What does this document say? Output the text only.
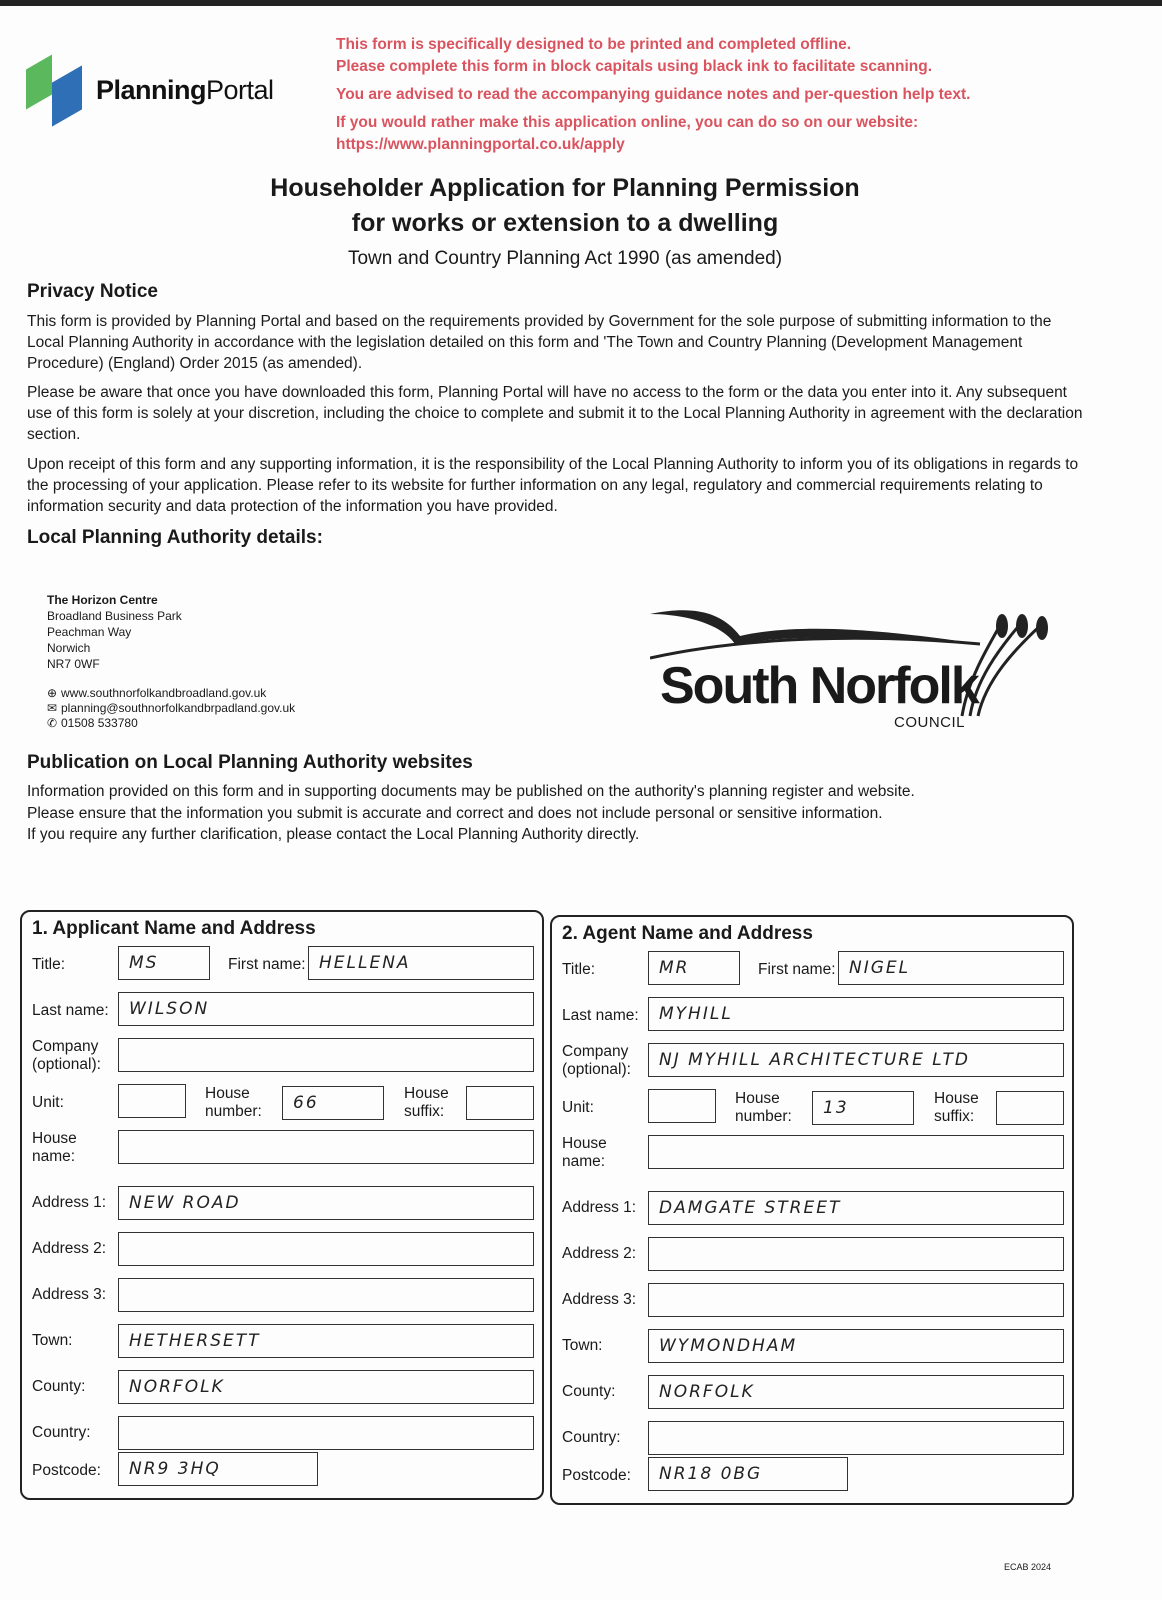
PlanningPortal

This form is specifically designed to be printed and completed offline.

Please complete this form in block capitals using black ink to facilitate scanning.

You are advised to read the accompanying guidance notes and per-question help text.

If you would rather make this application online, you can do so on our website:

https://www.planningportal.co.uk/apply

Householder Application for Planning Permission
for works or extension to a dwelling
Town and Country Planning Act 1990 (as amended)
Privacy Notice

This form is provided by Planning Portal and based on the requirements provided by Government for the sole purpose of submitting information to the Local Planning Authority in accordance with the legislation detailed on this form and 'The Town and Country Planning (Development Management Procedure) (England) Order 2015 (as amended).

Please be aware that once you have downloaded this form, Planning Portal will have no access to the form or the data you enter into it. Any subsequent use of this form is solely at your discretion, including the choice to complete and submit it to the Local Planning Authority in agreement with the declaration section.

Upon receipt of this form and any supporting information, it is the responsibility of the Local Planning Authority to inform you of its obligations in regards to the processing of your application. Please refer to its website for further information on any legal, regulatory and commercial requirements relating to information security and data protection of the information you have provided.

Local Planning Authority details:
The Horizon Centre
Broadland Business Park
Peachman Way
Norwich
NR7 0WF
⊕ www.southnorfolkandbroadland.gov.uk
✉ planning@southnorfolkandbrpadland.gov.uk
✆ 01508 533780
South Norfolk
COUNCIL
Publication on Local Planning Authority websites

Information provided on this form and in supporting documents may be published on the authority's planning register and website.

Please ensure that the information you submit is accurate and correct and does not include personal or sensitive information.

If you require any further clarification, please contact the Local Planning Authority directly.

1. Applicant Name and Address
Title:	MS	First name: HELLENA
Last name:	WILSON
Company
(optional):
Unit:
House
number:	66	House
suffix:
House
name:
Address 1:	NEW ROAD
Address 2:
Address 3:
Town:	HETHERSETT
County:	NORFOLK
Country:
Postcode:	NR9 3HQ
2. Agent Name and Address
Title:	MR	First name: NIGEL
Last name:	MYHILL
Company
(optional):	NJ MYHILL ARCHITECTURE LTD
Unit:
House
number:	13	House
suffix:
House
name:
Address 1:	DAMGATE STREET
Address 2:
Address 3:
Town:	WYMONDHAM
County:	NORFOLK
Country:
Postcode:	NR18 0BG
ECAB 2024
